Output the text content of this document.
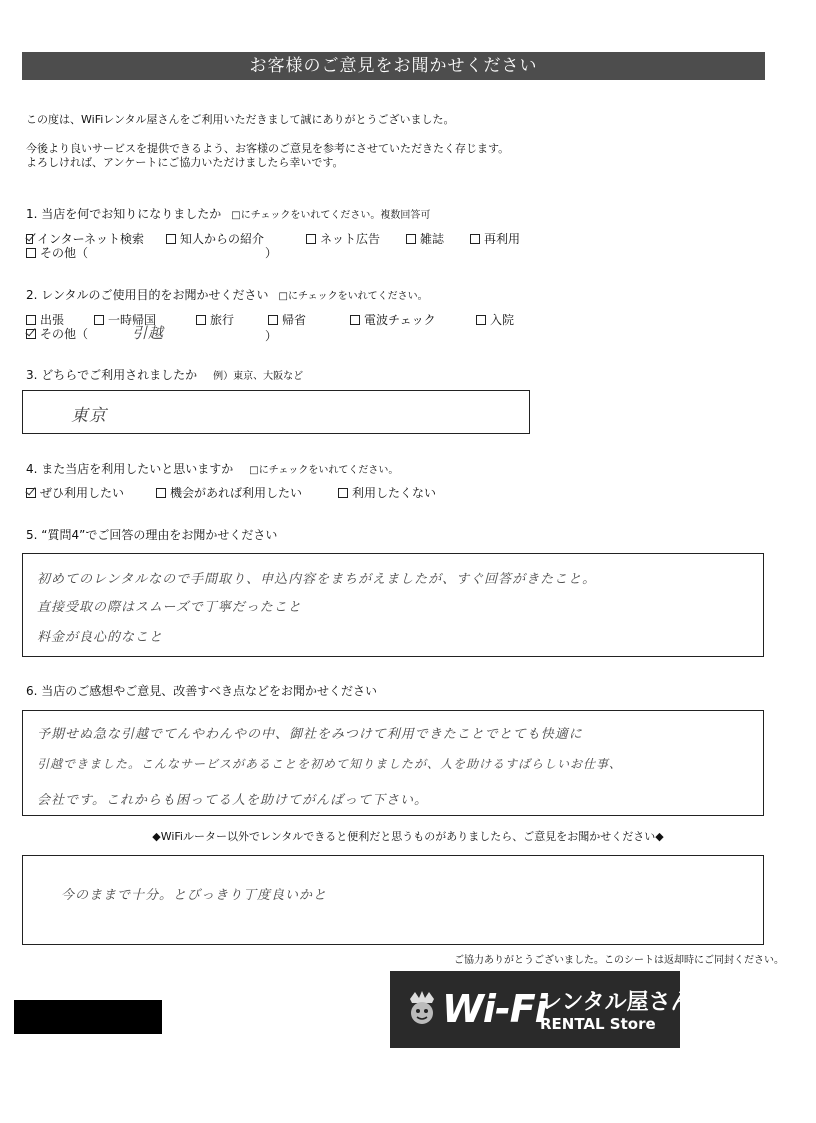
お客様のご意見をお聞かせください
この度は、WiFiレンタル屋さんをご利用いただきまして誠にありがとうございました。
今後より良いサービスを提供できるよう、お客様のご意見を参考にさせていただきたく存じます。
よろしければ、アンケートにご協力いただけましたら幸いです。
1. 当店を何でお知りになりましたか □にチェックをいれてください。複数回答可
インターネット検索	知人からの紹介	ネット広告	雑誌	再利用
その他（	）
2. レンタルのご使用目的をお聞かせください □にチェックをいれてください。
出張	一時帰国	旅行	帰省	電波チェック	入院
その他（	引越	）
3. どちらでご利用されましたか 例）東京、大阪など
東京
4. また当店を利用したいと思いますか □にチェックをいれてください。
ぜひ利用したい	機会があれば利用したい	利用したくない
5. “質問4”でご回答の理由をお聞かせください
初めてのレンタルなので手間取り、申込内容をまちがえましたが、すぐ回答がきたこと。
直接受取の際はスムーズで丁寧だったこと
料金が良心的なこと
6. 当店のご感想やご意見、改善すべき点などをお聞かせください
予期せぬ急な引越でてんやわんやの中、御社をみつけて利用できたことでとても快適に
引越できました。こんなサービスがあることを初めて知りましたが、人を助けるすばらしいお仕事、
会社です。これからも困ってる人を助けてがんばって下さい。
◆WiFiルーター以外でレンタルできると便利だと思うものがありましたら、ご意見をお聞かせください◆
今のままで十分。とびっきり丁度良いかと
ご協力ありがとうございました。このシートは返却時にご同封ください。
Wi-Fi
レンタル屋さん
RENTAL Store
